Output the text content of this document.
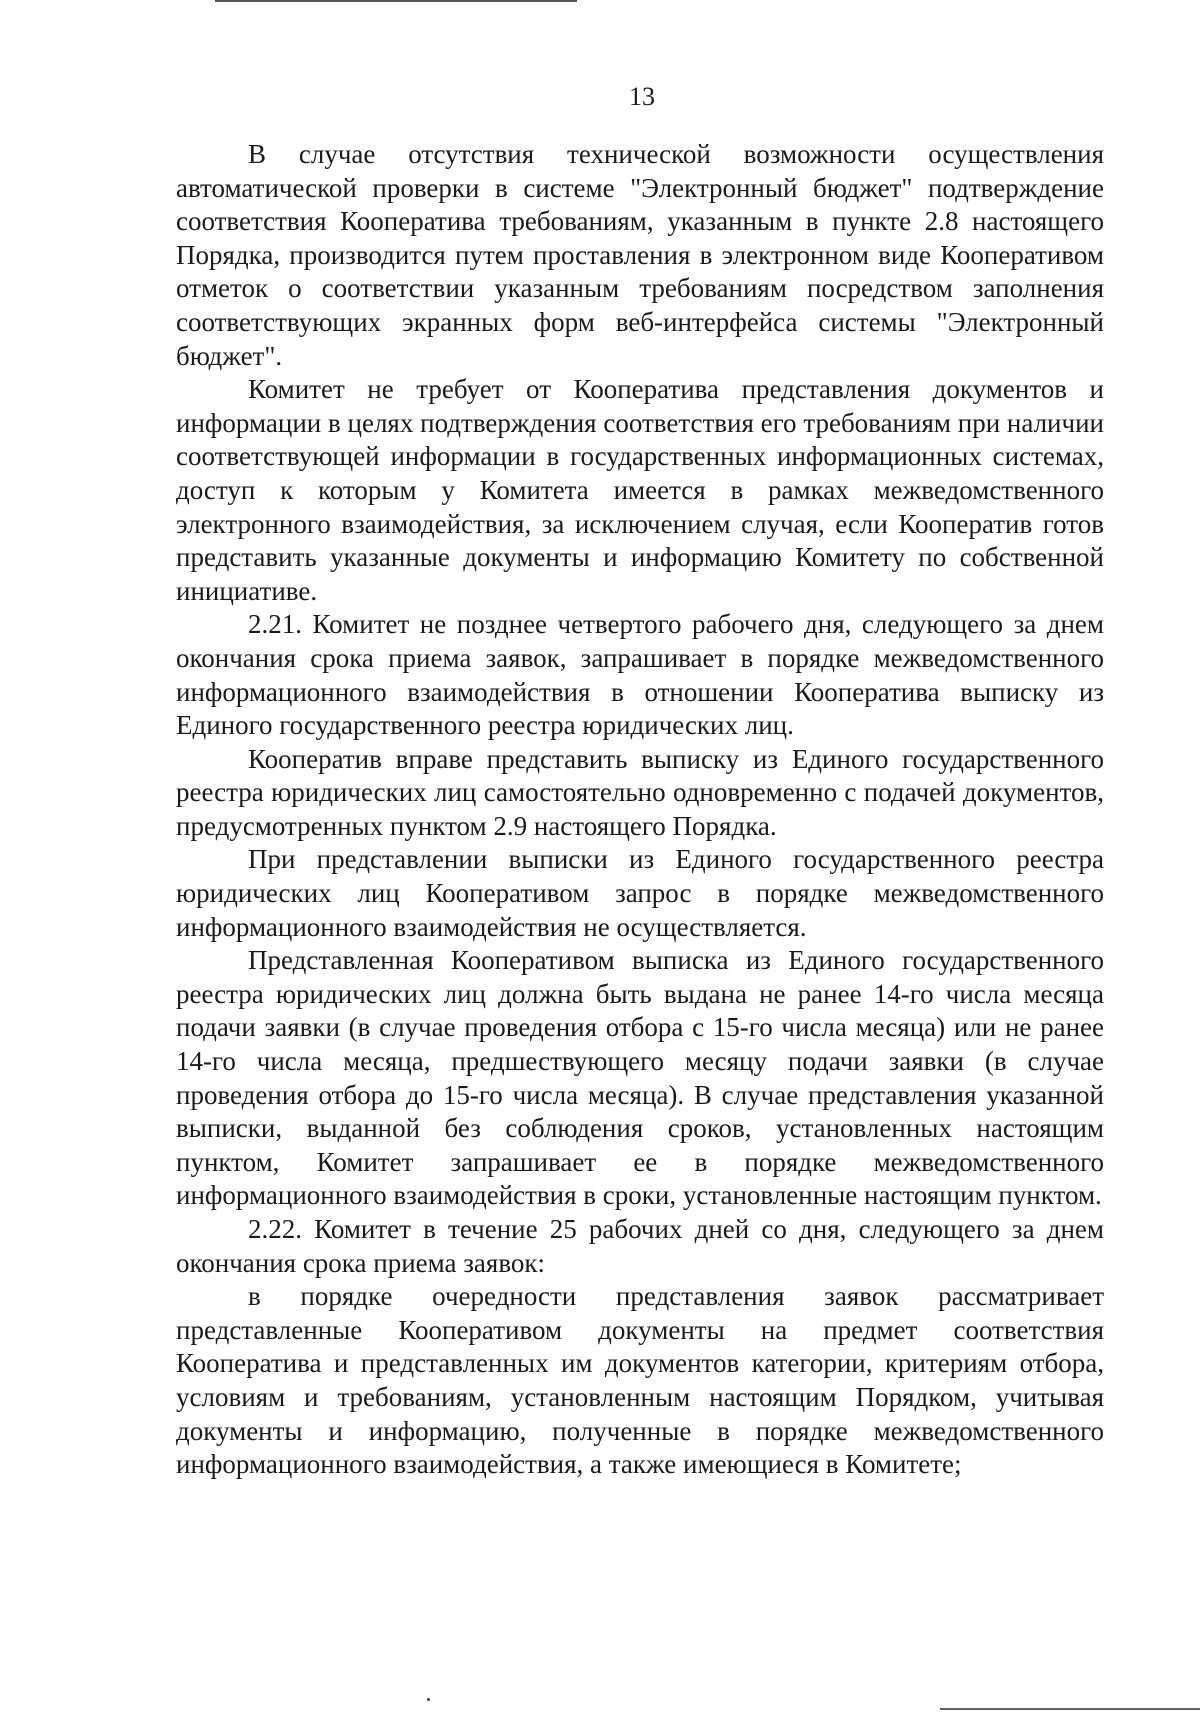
13

В случае отсутствия технической возможности осуществления автоматической проверки в системе "Электронный бюджет" подтверждение соответствия Кооператива требованиям, указанным в пункте 2.8 настоящего Порядка, производится путем проставления в электронном виде Кооперативом отметок о соответствии указанным требованиям посредством заполнения соответствующих экранных форм веб-интерфейса системы "Электронный бюджет".

Комитет не требует от Кооператива представления документов и информации в целях подтверждения соответствия его требованиям при наличии соответствующей информации в государственных информационных системах, доступ к которым у Комитета имеется в рамках межведомственного электронного взаимодействия, за исключением случая, если Кооператив готов представить указанные документы и информацию Комитету по собственной инициативе.

2.21. Комитет не позднее четвертого рабочего дня, следующего за днем окончания срока приема заявок, запрашивает в порядке межведомственного информационного взаимодействия в отношении Кооператива выписку из Единого государственного реестра юридических лиц.

Кооператив вправе представить выписку из Единого государственного реестра юридических лиц самостоятельно одновременно с подачей документов, предусмотренных пунктом 2.9 настоящего Порядка.

При представлении выписки из Единого государственного реестра юридических лиц Кооперативом запрос в порядке межведомственного информационного взаимодействия не осуществляется.

Представленная Кооперативом выписка из Единого государственного реестра юридических лиц должна быть выдана не ранее 14-го числа месяца подачи заявки (в случае проведения отбора с 15-го числа месяца) или не ранее 14-го числа месяца, предшествующего месяцу подачи заявки (в случае проведения отбора до 15-го числа месяца). В случае представления указанной выписки, выданной без соблюдения сроков, установленных настоящим пунктом, Комитет запрашивает ее в порядке межведомственного информационного взаимодействия в сроки, установленные настоящим пунктом.

2.22. Комитет в течение 25 рабочих дней со дня, следующего за днем окончания срока приема заявок:

в порядке очередности представления заявок рассматривает представленные Кооперативом документы на предмет соответствия Кооператива и представленных им документов категории, критериям отбора, условиям и требованиям, установленным настоящим Порядком, учитывая документы и информацию, полученные в порядке межведомственного информационного взаимодействия, а также имеющиеся в Комитете;
